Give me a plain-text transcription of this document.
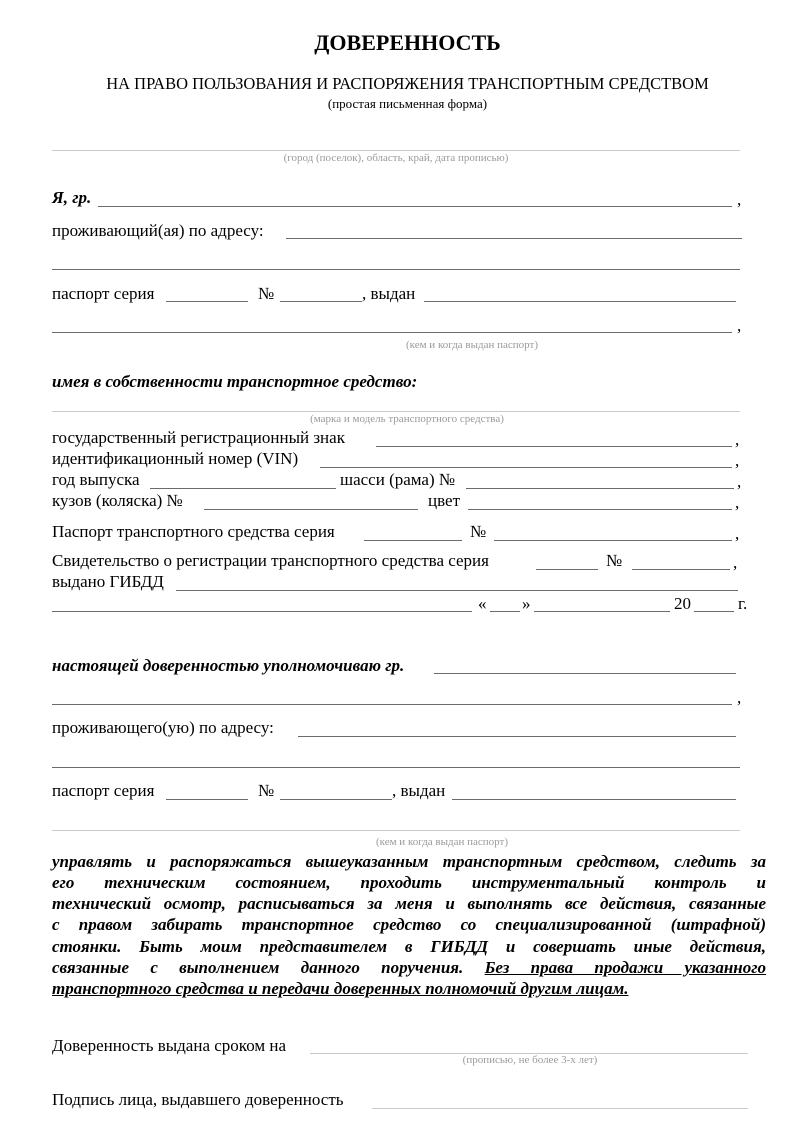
ДОВЕРЕННОСТЬ
НА ПРАВО ПОЛЬЗОВАНИЯ И РАСПОРЯЖЕНИЯ ТРАНСПОРТНЫМ СРЕДСТВОМ
(простая письменная форма)
(город (поселок), область, край, дата прописью)
Я, гр.	,
проживающий(ая) по адресу:
паспорт серия	№	, выдан
,
(кем и когда выдан паспорт)
имея в собственности транспортное средство:
(марка и модель транспортного средства)
государственный регистрационный знак	,
идентификационный номер (VIN)	,
год выпуска	шасси (рама) №	,
кузов (коляска) №	цвет	,
Паспорт транспортного средства серия	№	,
Свидетельство о регистрации транспортного средства серия	№	,
выдано ГИБДД
« »	20	г.
настоящей доверенностью уполномочиваю гр.
,
проживающего(ую) по адресу:
паспорт серия	№	, выдан
(кем и когда выдан паспорт)

управлять и распоряжаться вышеуказанным транспортным средством, следить за

его техническим состоянием, проходить инструментальный контроль и

технический осмотр, расписываться за меня и выполнять все действия, связанные

с правом забирать транспортное средство со специализированной (штрафной)

стоянки. Быть моим представителем в ГИБДД и совершать иные действия,

связанные с выполнением данного поручения. Без права продажи указанного

транспортного средства и передачи доверенных полномочий другим лицам.

Доверенность выдана сроком на
(прописью, не более 3-х лет)
Подпись лица, выдавшего доверенность
